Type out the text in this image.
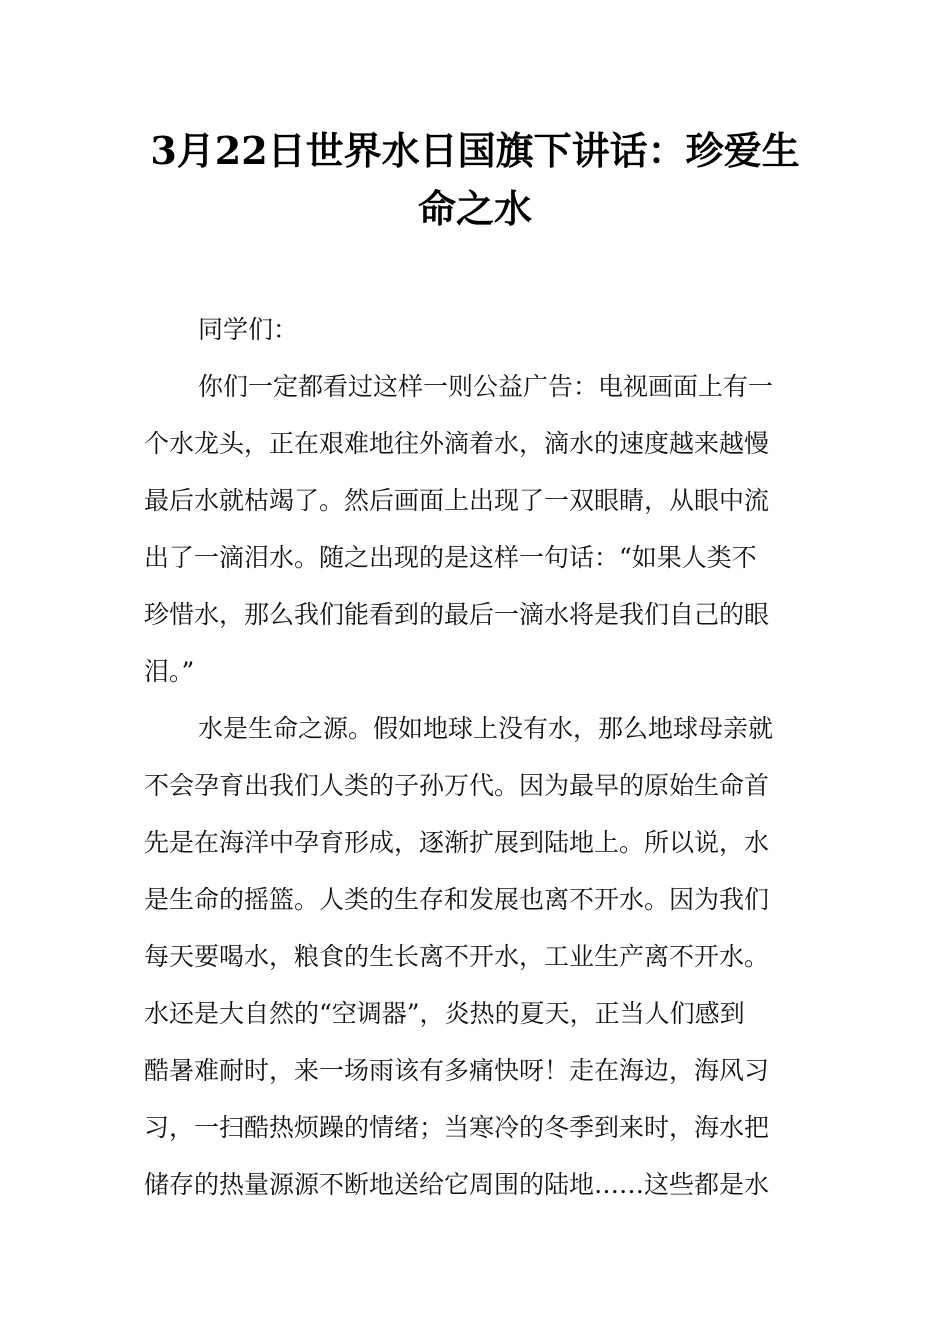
3月22日世界水日国旗下讲话：珍爱生
命之水
同学们：
你们一定都看过这样一则公益广告：电视画面上有一
个水龙头，正在艰难地往外滴着水，滴水的速度越来越慢
最后水就枯竭了。然后画面上出现了一双眼睛，从眼中流
出了一滴泪水。随之出现的是这样一句话：“如果人类不
珍惜水，那么我们能看到的最后一滴水将是我们自己的眼
泪。”
水是生命之源。假如地球上没有水，那么地球母亲就
不会孕育出我们人类的子孙万代。因为最早的原始生命首
先是在海洋中孕育形成，逐渐扩展到陆地上。所以说，水
是生命的摇篮。人类的生存和发展也离不开水。因为我们
每天要喝水，粮食的生长离不开水，工业生产离不开水。
水还是大自然的“空调器”，炎热的夏天，正当人们感到
酷暑难耐时，来一场雨该有多痛快呀！走在海边，海风习
习，一扫酷热烦躁的情绪；当寒冷的冬季到来时，海水把
储存的热量源源不断地送给它周围的陆地……这些都是水
